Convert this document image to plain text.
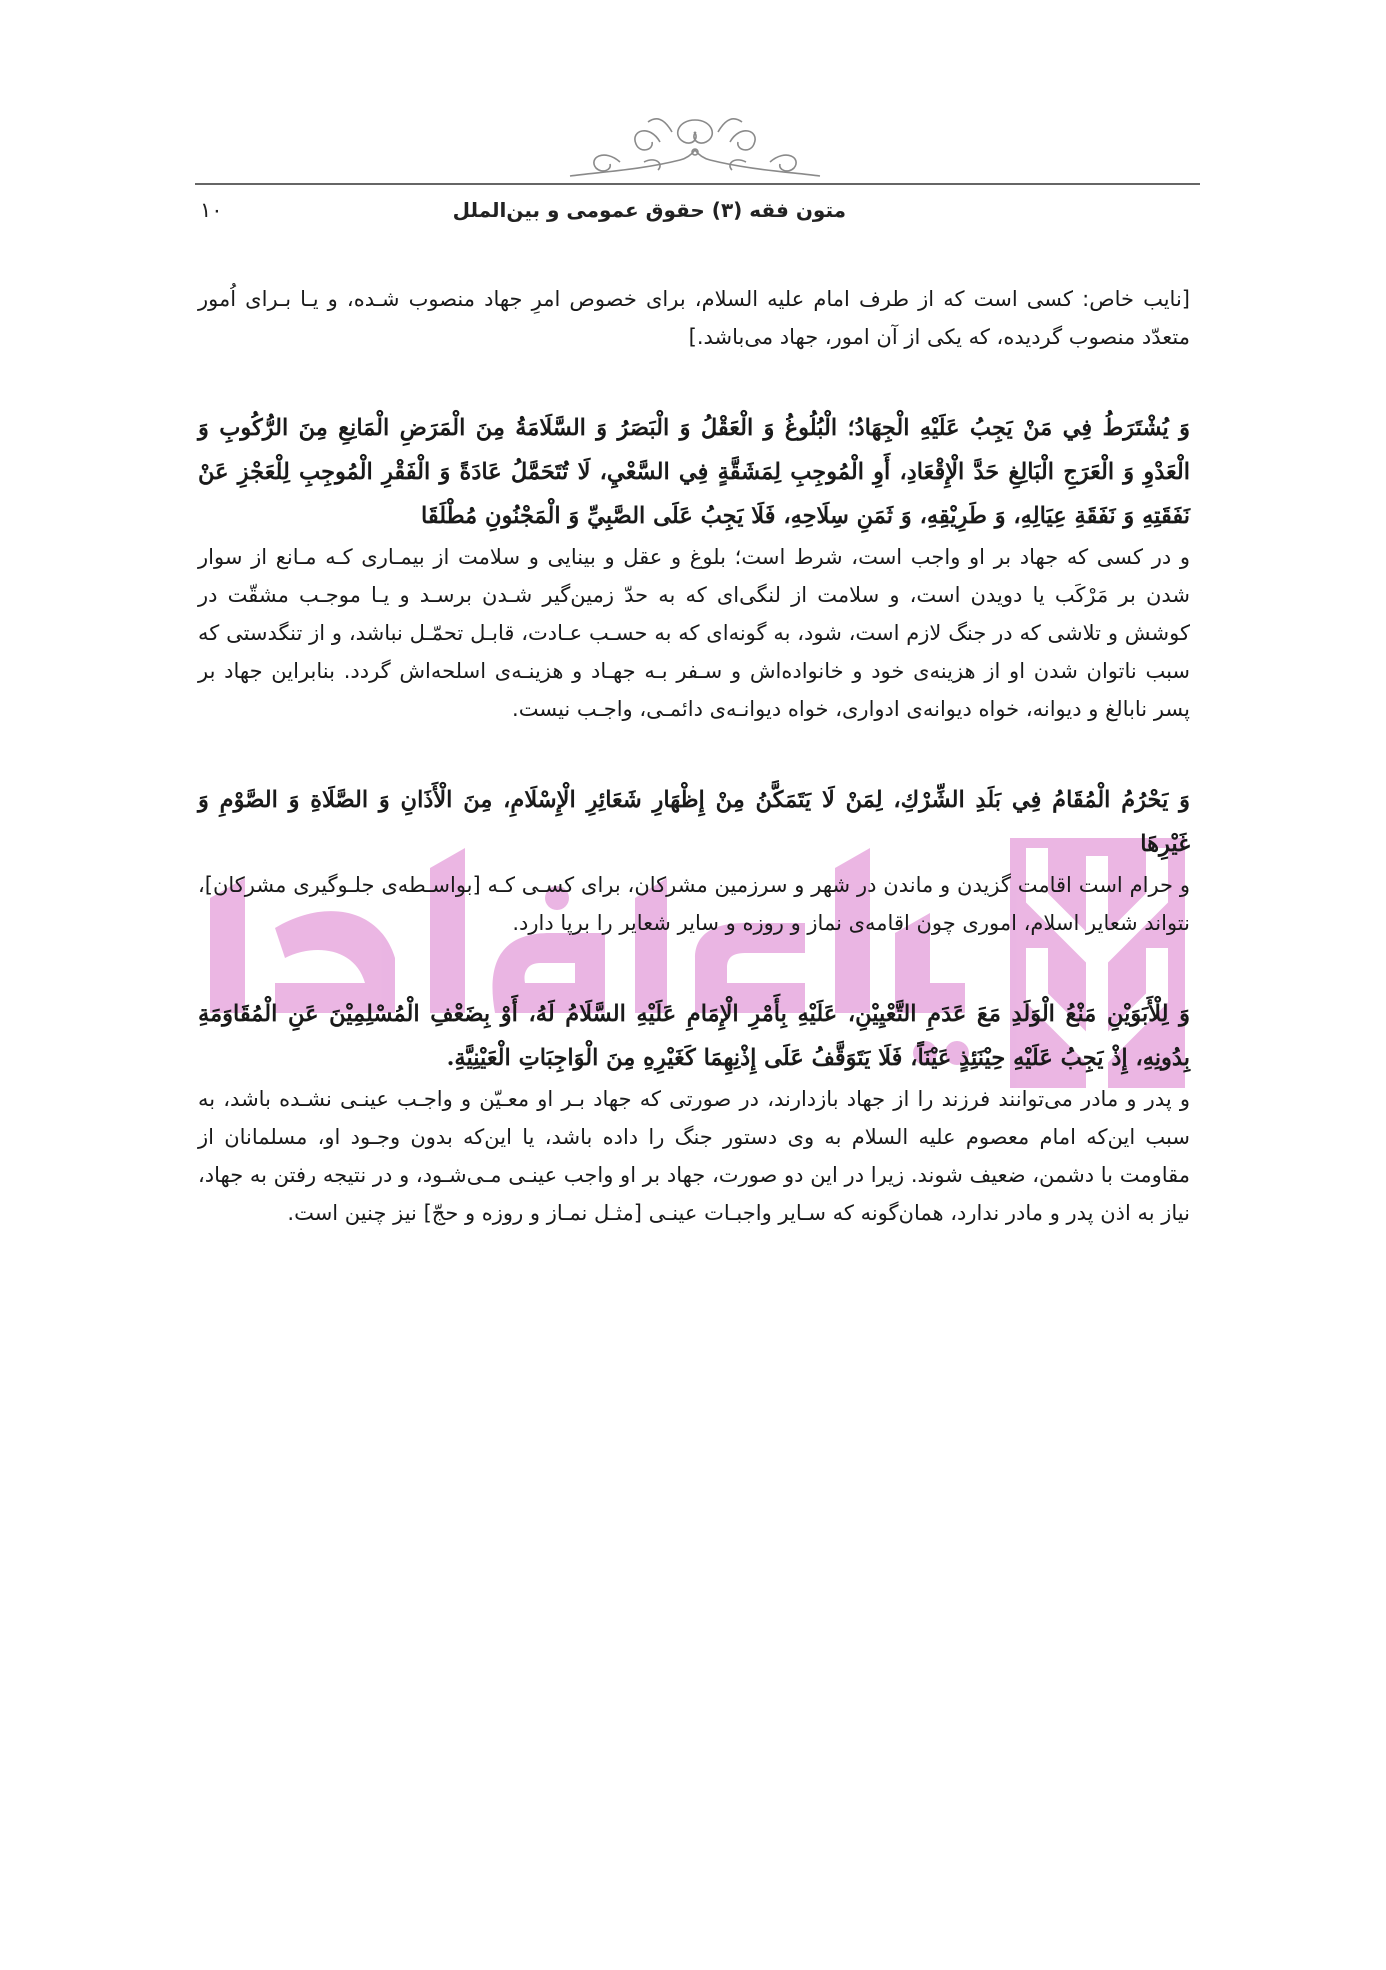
متون فقه (۳) حقوق عمومی و بین‌الملل
۱۰

[نایب خاص: کسی است که از طرف امام علیه السلام، برای خصوص امرِ جهاد منصوب شـده، و یـا بـرای اُمور متعدّد منصوب گردیده، که یکی از آن امور، جهاد می‌باشد.]

وَ يُشْتَرَطُ فِي مَنْ يَجِبُ عَلَيْهِ الْجِهَادُ؛ الْبُلُوغُ وَ الْعَقْلُ وَ الْبَصَرُ وَ السَّلَامَةُ مِنَ الْمَرَضِ الْمَانِعِ مِنَ الرُّكُوبِ وَ الْعَدْوِ وَ الْعَرَجِ الْبَالِغِ حَدَّ الْإِقْعَادِ، أَوِ الْمُوجِبِ لِمَشَقَّةٍ فِي السَّعْيِ، لَا تُتَحَمَّلُ عَادَةً وَ الْفَقْرِ الْمُوجِبِ لِلْعَجْزِ عَنْ نَفَقَتِهِ وَ نَفَقَةِ عِيَالِهِ، وَ طَرِيْقِهِ، وَ ثَمَنِ سِلَاحِهِ، فَلَا يَجِبُ عَلَى الصَّبِيِّ وَ الْمَجْنُونِ مُطْلَقَا

و در کسی که جهاد بر او واجب است، شرط است؛ بلوغ و عقل و بینایی و سلامت از بیمـاری کـه مـانع از سوار شدن بر مَرْکَب یا دویدن است، و سلامت از لنگی‌ای که به حدّ زمین‌گیر شـدن برسـد و یـا موجـب مشقّت در کوشش و تلاشی که در جنگ لازم است، شود، به گونه‌ای که به حسـب عـادت، قابـل تحمّـل نباشد، و از تنگدستی که سبب ناتوان شدن او از هزینه‌ی خود و خانواده‌اش و سـفر بـه جهـاد و هزینـه‌ی اسلحه‌اش گردد. بنابراین جهاد بر پسر نابالغ و دیوانه، خواه دیوانه‌ی ادواری، خواه دیوانـه‌ی دائمـی، واجـب نیست.

وَ يَحْرُمُ الْمُقَامُ فِي بَلَدِ الشِّرْكِ، لِمَنْ لَا يَتَمَكَّنُ مِنْ إِظْهَارِ شَعَائِرِ الْإِسْلَامِ، مِنَ الْأَذَانِ وَ الصَّلَاةِ وَ الصَّوْمِ وَ غَيْرِهَا

و حرام است اقامت گزیدن و ماندن در شهر و سرزمین مشرکان، برای کسـی کـه [بواسـطه‌ی جلـوگیری مشرکان]، نتواند شعایر اسلام، اموری چون اقامه‌ی نماز و روزه و سایر شعایر را برپا دارد.

وَ لِلْأَبَوَيْنِ مَنْعُ الْوَلَدِ مَعَ عَدَمِ التَّعْيِيْنِ، عَلَيْهِ بِأَمْرِ الْإِمَامِ عَلَيْهِ السَّلَامُ لَهُ، أَوْ بِضَعْفِ الْمُسْلِمِيْنَ عَنِ الْمُقَاوَمَةِ بِدُونِهِ، إِذْ يَجِبُ عَلَيْهِ حِيْنَئِذٍ عَيْنَاً، فَلَا يَتَوَقَّفُ عَلَى إِذْنِهِمَا كَغَيْرِهِ مِنَ الْوَاجِبَاتِ الْعَيْنِيَّةِ.

و پدر و مادر می‌توانند فرزند را از جهاد بازدارند، در صورتی که جهاد بـر او معـیّن و واجـب عینـی نشـده باشد، به سبب این‌که امام معصوم علیه السلام به وی دستور جنگ را داده باشد، یا این‌که بدون وجـود او، مسلمانان از مقاومت با دشمن، ضعیف شوند. زیرا در این دو صورت، جهاد بر او واجب عینـی مـی‌شـود، و در نتیجه رفتن به جهاد، نیاز به اذن پدر و مادر ندارد، همان‌گونه که سـایر واجبـات عینـی [مثـل نمـاز و روزه و حجّ] نیز چنین است.
